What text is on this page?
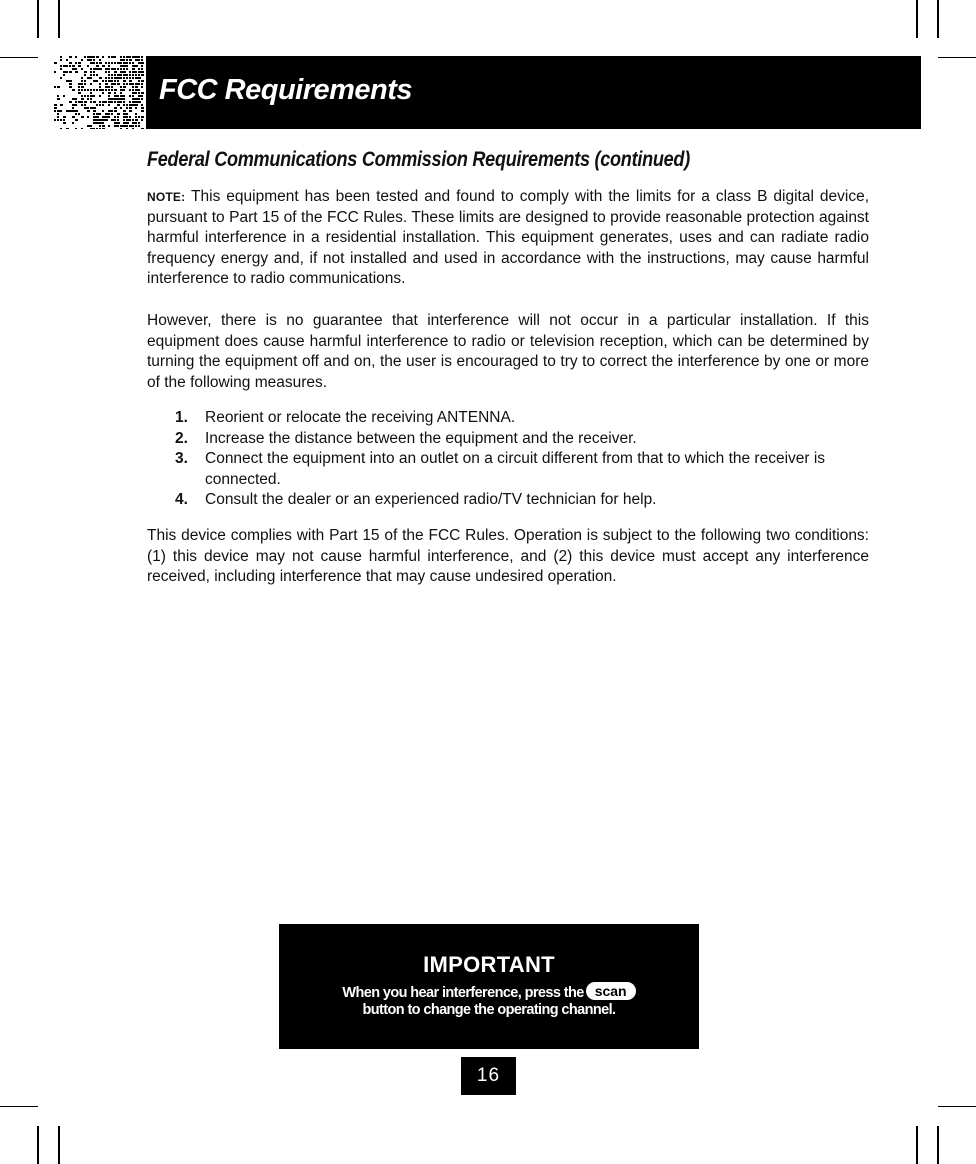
FCC Requirements
Federal Communications Commission Requirements (continued)

NOTE: This equipment has been tested and found to comply with the limits for a class B digital device, pursuant to Part 15 of the FCC Rules. These limits are designed to provide reasonable protection against harmful interference in a residential installation. This equipment generates, uses and can radiate radio frequency energy and, if not installed and used in accordance with the instructions, may cause harmful interference to radio communications.

However, there is no guarantee that interference will not occur in a particular installation. If this equipment does cause harmful interference to radio or television reception, which can be determined by turning the equipment off and on, the user is encouraged to try to correct the interference by one or more of the following measures.

1. Reorient or relocate the receiving ANTENNA.
2. Increase the distance between the equipment and the receiver.
3. Connect the equipment into an outlet on a circuit different from that to which the receiver is connected.
4. Consult the dealer or an experienced radio/TV technician for help.

This device complies with Part 15 of the FCC Rules. Operation is subject to the following two conditions: (1) this device may not cause harmful interference, and (2) this device must accept any interference received, including interference that may cause undesired operation.

IMPORTANT
When you hear interference, press the scan
button to change the operating channel.
16
